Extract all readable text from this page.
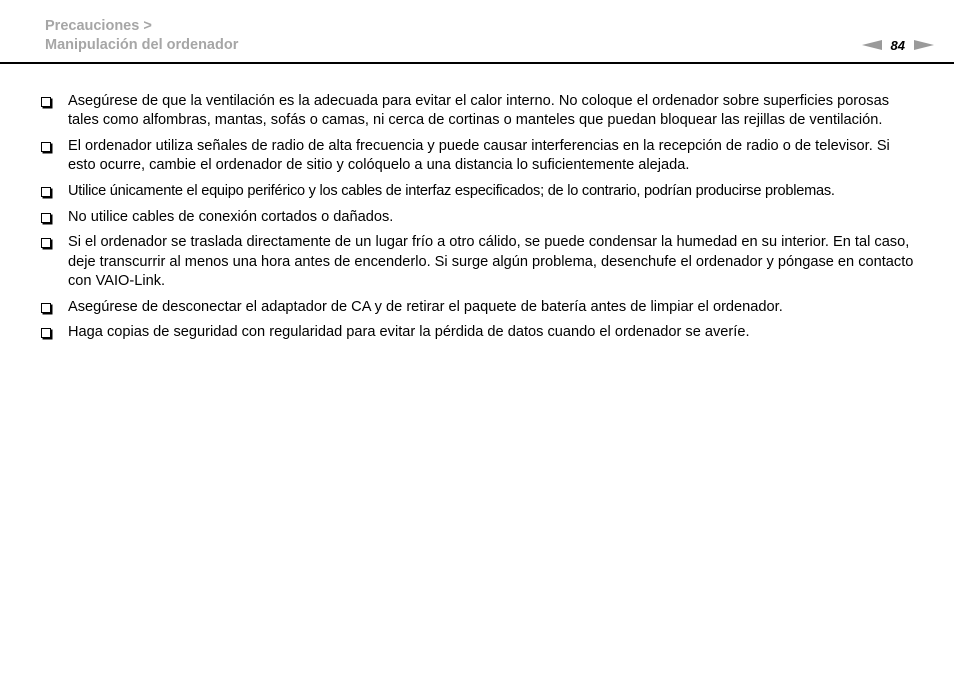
Precauciones >
Manipulación del ordenador	84
Asegúrese de que la ventilación es la adecuada para evitar el calor interno. No coloque el ordenador sobre superficies porosas tales como alfombras, mantas, sofás o camas, ni cerca de cortinas o manteles que puedan bloquear las rejillas de ventilación.
El ordenador utiliza señales de radio de alta frecuencia y puede causar interferencias en la recepción de radio o de televisor. Si esto ocurre, cambie el ordenador de sitio y colóquelo a una distancia lo suficientemente alejada.
Utilice únicamente el equipo periférico y los cables de interfaz especificados; de lo contrario, podrían producirse problemas.
No utilice cables de conexión cortados o dañados.
Si el ordenador se traslada directamente de un lugar frío a otro cálido, se puede condensar la humedad en su interior. En tal caso, deje transcurrir al menos una hora antes de encenderlo. Si surge algún problema, desenchufe el ordenador y póngase en contacto con VAIO-Link.
Asegúrese de desconectar el adaptador de CA y de retirar el paquete de batería antes de limpiar el ordenador.
Haga copias de seguridad con regularidad para evitar la pérdida de datos cuando el ordenador se averíe.
